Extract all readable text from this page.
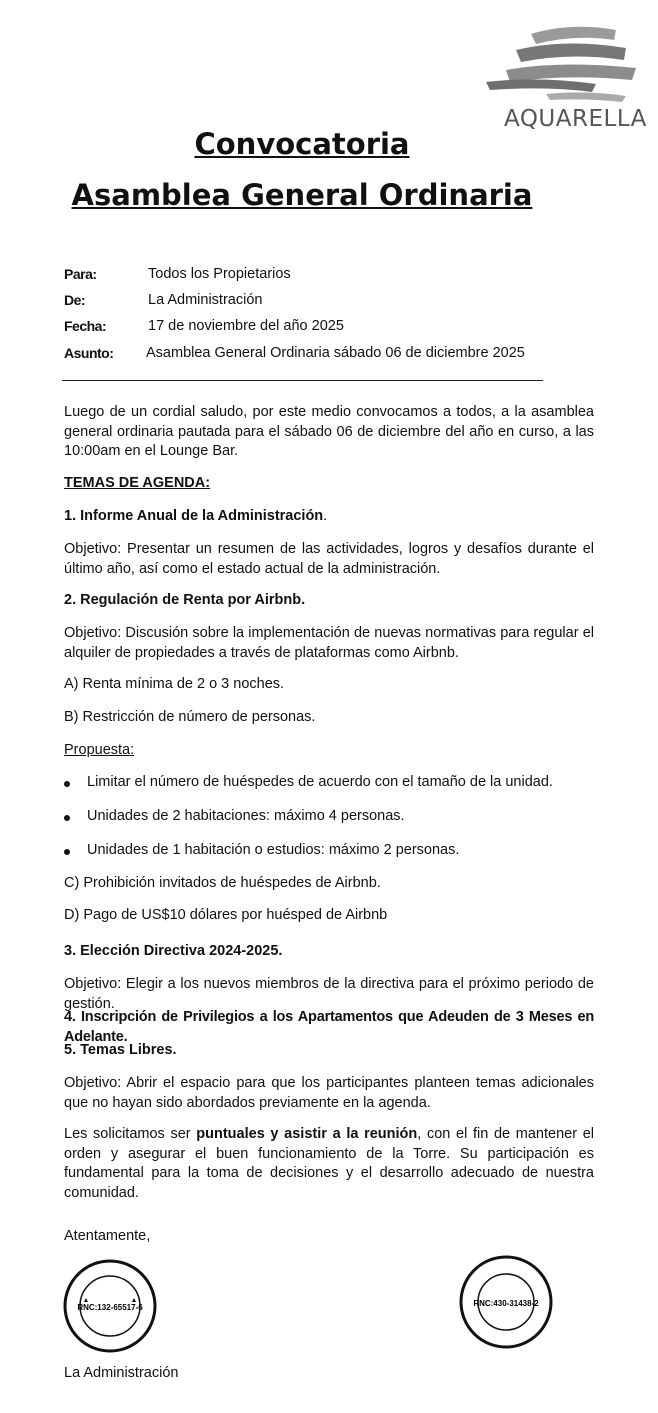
AQUARELLA
Convocatoria
Asamblea General Ordinaria
Para:	Todos los Propietarios
De:	La Administración
Fecha:	17 de noviembre del año 2025
Asunto: Asamblea General Ordinaria sábado 06 de diciembre 2025
Luego de un cordial saludo, por este medio convocamos a todos, a la asamblea general ordinaria pautada para el sábado 06 de diciembre del año en curso, a las 10:00am en el Lounge Bar.
TEMAS DE AGENDA:
1. Informe Anual de la Administración.
Objetivo: Presentar un resumen de las actividades, logros y desafíos durante el último año, así como el estado actual de la administración.
2. Regulación de Renta por Airbnb.
Objetivo: Discusión sobre la implementación de nuevas normativas para regular el alquiler de propiedades a través de plataformas como Airbnb.
A) Renta mínima de 2 o 3 noches.
B) Restricción de número de personas.
Propuesta:
Limitar el número de huéspedes de acuerdo con el tamaño de la unidad.
Unidades de 2 habitaciones: máximo 4 personas.
Unidades de 1 habitación o estudios: máximo 2 personas.
C) Prohibición invitados de huéspedes de Airbnb.
D) Pago de US$10 dólares por huésped de Airbnb
3. Elección Directiva 2024-2025.
Objetivo: Elegir a los nuevos miembros de la directiva para el próximo periodo de gestión.
4. Inscripción de Privilegios a los Apartamentos que Adeuden de 3 Meses en Adelante.
5. Temas Libres.
Objetivo: Abrir el espacio para que los participantes planteen temas adicionales que no hayan sido abordados previamente en la agenda.
Les solicitamos ser puntuales y asistir a la reunión, con el fin de mantener el orden y asegurar el buen funcionamiento de la Torre. Su participación es fundamental para la toma de decisiones y el desarrollo adecuado de nuestra comunidad.
Atentamente,
RNC:132-65517-6	RNC:430-31438-2
La Administración
